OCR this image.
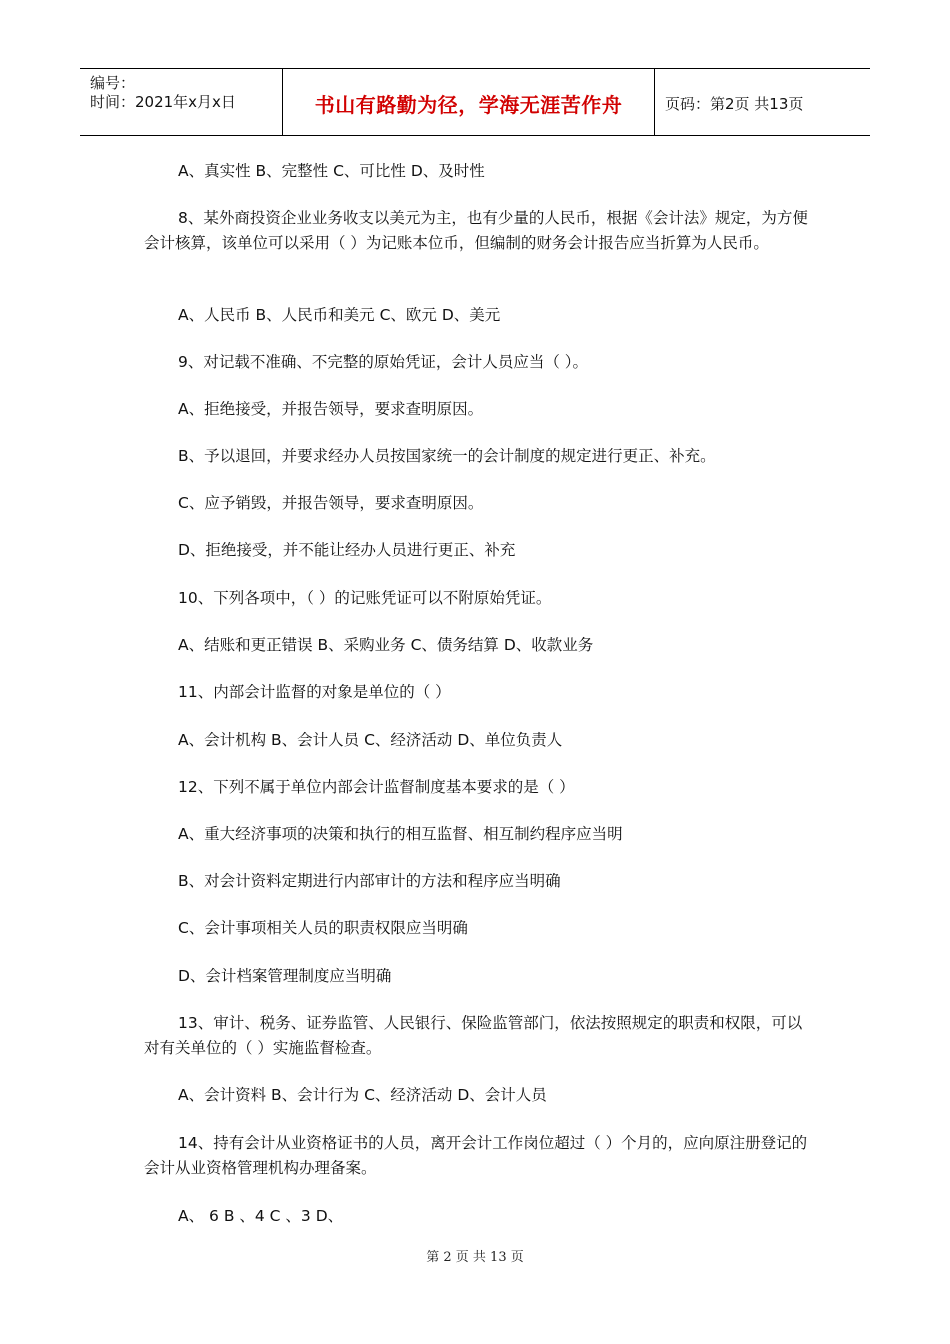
编号：
时间：2021年x月x日	书山有路勤为径，学海无涯苦作舟	页码：第2页 共13页
A、真实性 B、完整性 C、可比性 D、及时性
8、某外商投资企业业务收支以美元为主，也有少量的人民币，根据《会计法》规定，为方便会计核算，该单位可以采用（ ）为记账本位币，但编制的财务会计报告应当折算为人民币。
A、人民币 B、人民币和美元 C、欧元 D、美元
9、对记载不准确、不完整的原始凭证，会计人员应当（ ）。
A、拒绝接受，并报告领导，要求查明原因。
B、予以退回，并要求经办人员按国家统一的会计制度的规定进行更正、补充。
C、应予销毁，并报告领导，要求查明原因。
D、拒绝接受，并不能让经办人员进行更正、补充
10、下列各项中，（ ）的记账凭证可以不附原始凭证。
A、结账和更正错误 B、采购业务 C、债务结算 D、收款业务
11、内部会计监督的对象是单位的（ ）
A、会计机构 B、会计人员 C、经济活动 D、单位负责人
12、下列不属于单位内部会计监督制度基本要求的是（ ）
A、重大经济事项的决策和执行的相互监督、相互制约程序应当明
B、对会计资料定期进行内部审计的方法和程序应当明确
C、会计事项相关人员的职责权限应当明确
D、会计档案管理制度应当明确
13、审计、税务、证券监管、人民银行、保险监管部门，依法按照规定的职责和权限，可以对有关单位的（ ）实施监督检查。
A、会计资料 B、会计行为 C、经济活动 D、会计人员
14、持有会计从业资格证书的人员，离开会计工作岗位超过（ ）个月的，应向原注册登记的会计从业资格管理机构办理备案。
A、 6 B 、4 C 、3 D、
第 2 页 共 13 页
